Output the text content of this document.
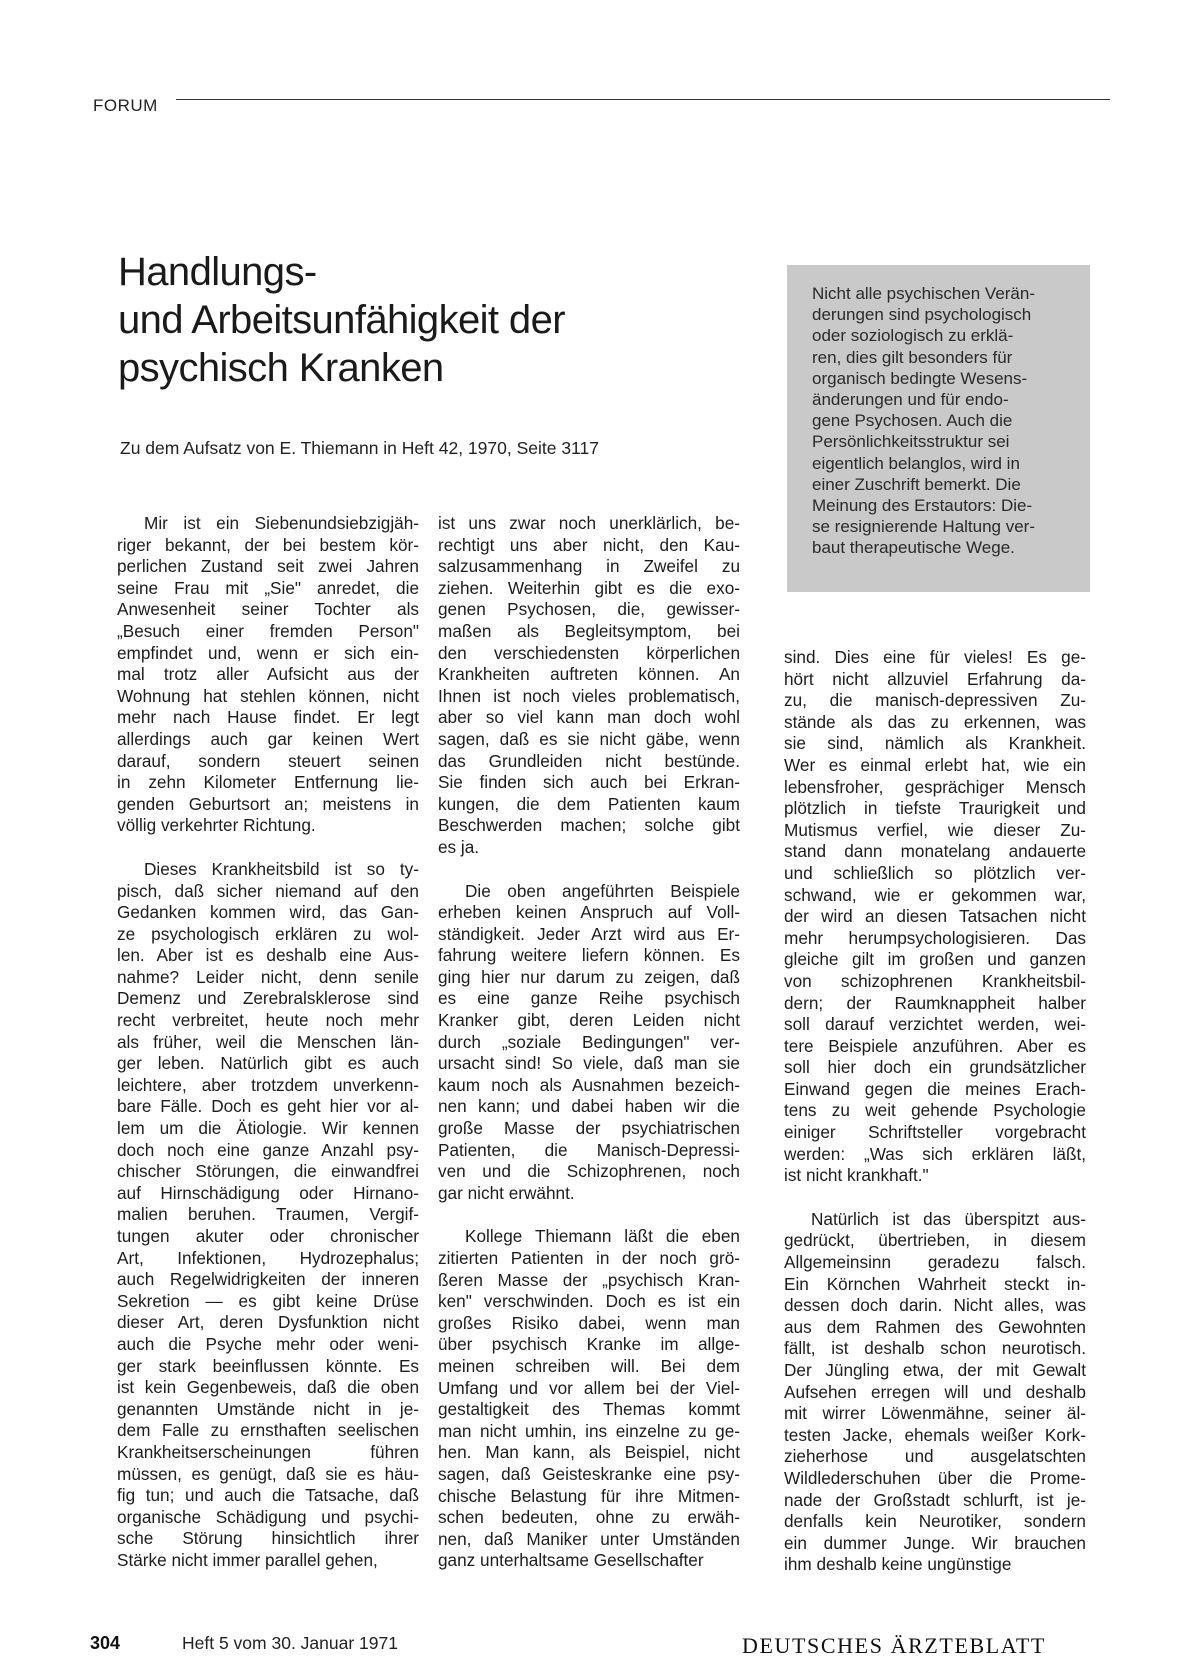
FORUM
Handlungs-
und Arbeitsunfähigkeit der
psychisch Kranken
Zu dem Aufsatz von E. Thiemann in Heft 42, 1970, Seite 3117
Nicht alle psychischen Verän-
derungen sind psychologisch
oder soziologisch zu erklä-
ren, dies gilt besonders für
organisch bedingte Wesens-
änderungen und für endo-
gene Psychosen. Auch die
Persönlichkeitsstruktur sei
eigentlich belanglos, wird in
einer Zuschrift bemerkt. Die
Meinung des Erstautors: Die-
se resignierende Haltung ver-
baut therapeutische Wege.
Mir ist ein Siebenundsiebzigjäh-
riger bekannt, der bei bestem kör-
perlichen Zustand seit zwei Jahren
seine Frau mit „Sie" anredet, die
Anwesenheit seiner Tochter als
„Besuch einer fremden Person"
empfindet und, wenn er sich ein-
mal trotz aller Aufsicht aus der
Wohnung hat stehlen können, nicht
mehr nach Hause findet. Er legt
allerdings auch gar keinen Wert
darauf, sondern steuert seinen
in zehn Kilometer Entfernung lie-
genden Geburtsort an; meistens in
völlig verkehrter Richtung.
Dieses Krankheitsbild ist so ty-
pisch, daß sicher niemand auf den
Gedanken kommen wird, das Gan-
ze psychologisch erklären zu wol-
len. Aber ist es deshalb eine Aus-
nahme? Leider nicht, denn senile
Demenz und Zerebralsklerose sind
recht verbreitet, heute noch mehr
als früher, weil die Menschen län-
ger leben. Natürlich gibt es auch
leichtere, aber trotzdem unverkenn-
bare Fälle. Doch es geht hier vor al-
lem um die Ätiologie. Wir kennen
doch noch eine ganze Anzahl psy-
chischer Störungen, die einwandfrei
auf Hirnschädigung oder Hirnano-
malien beruhen. Traumen, Vergif-
tungen akuter oder chronischer
Art, Infektionen, Hydrozephalus;
auch Regelwidrigkeiten der inneren
Sekretion — es gibt keine Drüse
dieser Art, deren Dysfunktion nicht
auch die Psyche mehr oder weni-
ger stark beeinflussen könnte. Es
ist kein Gegenbeweis, daß die oben
genannten Umstände nicht in je-
dem Falle zu ernsthaften seelischen
Krankheitserscheinungen führen
müssen, es genügt, daß sie es häu-
fig tun; und auch die Tatsache, daß
organische Schädigung und psychi-
sche Störung hinsichtlich ihrer
Stärke nicht immer parallel gehen,
ist uns zwar noch unerklärlich, be-
rechtigt uns aber nicht, den Kau-
salzusammenhang in Zweifel zu
ziehen. Weiterhin gibt es die exo-
genen Psychosen, die, gewisser-
maßen als Begleitsymptom, bei
den verschiedensten körperlichen
Krankheiten auftreten können. An
Ihnen ist noch vieles problematisch,
aber so viel kann man doch wohl
sagen, daß es sie nicht gäbe, wenn
das Grundleiden nicht bestünde.
Sie finden sich auch bei Erkran-
kungen, die dem Patienten kaum
Beschwerden machen; solche gibt
es ja.
Die oben angeführten Beispiele
erheben keinen Anspruch auf Voll-
ständigkeit. Jeder Arzt wird aus Er-
fahrung weitere liefern können. Es
ging hier nur darum zu zeigen, daß
es eine ganze Reihe psychisch
Kranker gibt, deren Leiden nicht
durch „soziale Bedingungen" ver-
ursacht sind! So viele, daß man sie
kaum noch als Ausnahmen bezeich-
nen kann; und dabei haben wir die
große Masse der psychiatrischen
Patienten, die Manisch-Depressi-
ven und die Schizophrenen, noch
gar nicht erwähnt.
Kollege Thiemann läßt die eben
zitierten Patienten in der noch grö-
ßeren Masse der „psychisch Kran-
ken" verschwinden. Doch es ist ein
großes Risiko dabei, wenn man
über psychisch Kranke im allge-
meinen schreiben will. Bei dem
Umfang und vor allem bei der Viel-
gestaltigkeit des Themas kommt
man nicht umhin, ins einzelne zu ge-
hen. Man kann, als Beispiel, nicht
sagen, daß Geisteskranke eine psy-
chische Belastung für ihre Mitmen-
schen bedeuten, ohne zu erwäh-
nen, daß Maniker unter Umständen
ganz unterhaltsame Gesellschafter
sind. Dies eine für vieles! Es ge-
hört nicht allzuviel Erfahrung da-
zu, die manisch-depressiven Zu-
stände als das zu erkennen, was
sie sind, nämlich als Krankheit.
Wer es einmal erlebt hat, wie ein
lebensfroher, gesprächiger Mensch
plötzlich in tiefste Traurigkeit und
Mutismus verfiel, wie dieser Zu-
stand dann monatelang andauerte
und schließlich so plötzlich ver-
schwand, wie er gekommen war,
der wird an diesen Tatsachen nicht
mehr herumpsychologisieren. Das
gleiche gilt im großen und ganzen
von schizophrenen Krankheitsbil-
dern; der Raumknappheit halber
soll darauf verzichtet werden, wei-
tere Beispiele anzuführen. Aber es
soll hier doch ein grundsätzlicher
Einwand gegen die meines Erach-
tens zu weit gehende Psychologie
einiger Schriftsteller vorgebracht
werden: „Was sich erklären läßt,
ist nicht krankhaft."
Natürlich ist das überspitzt aus-
gedrückt, übertrieben, in diesem
Allgemeinsinn geradezu falsch.
Ein Körnchen Wahrheit steckt in-
dessen doch darin. Nicht alles, was
aus dem Rahmen des Gewohnten
fällt, ist deshalb schon neurotisch.
Der Jüngling etwa, der mit Gewalt
Aufsehen erregen will und deshalb
mit wirrer Löwenmähne, seiner äl-
testen Jacke, ehemals weißer Kork-
zieherhose und ausgelatschten
Wildlederschuhen über die Prome-
nade der Großstadt schlurft, ist je-
denfalls kein Neurotiker, sondern
ein dummer Junge. Wir brauchen
ihm deshalb keine ungünstige
304	Heft 5 vom 30. Januar 1971	DEUTSCHES ÄRZTEBLATT
